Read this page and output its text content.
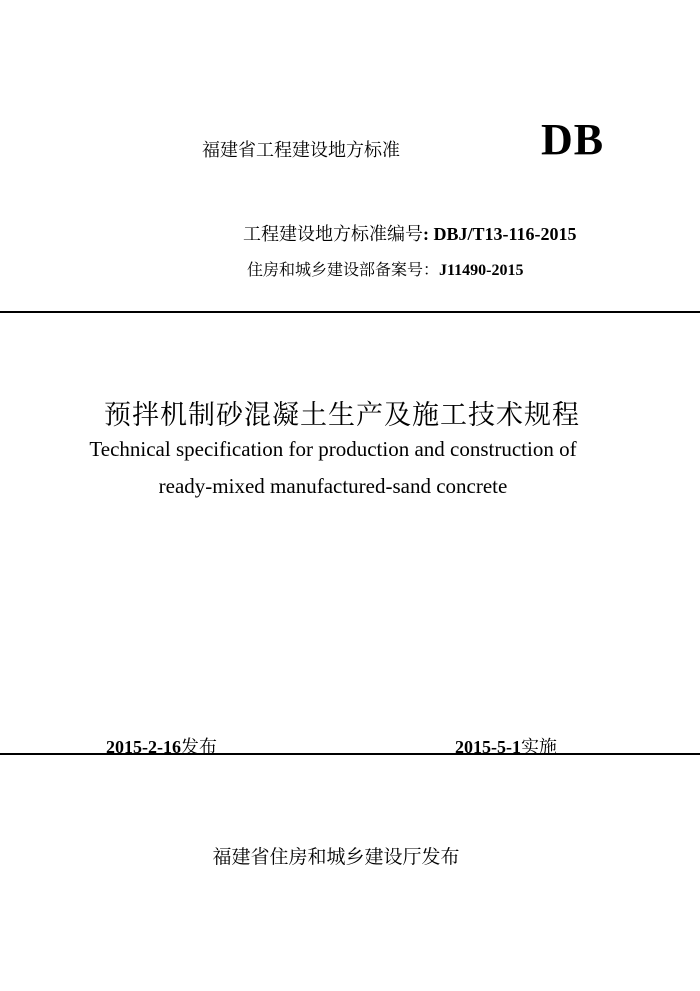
福建省工程建设地方标准	DB
工程建设地方标准编号: DBJ/T13-116-2015
住房和城乡建设部备案号：J11490-2015
预拌机制砂混凝土生产及施工技术规程
Technical specification for production and construction of
ready-mixed manufactured-sand concrete
2015-2-16发布	2015-5-1实施
福建省住房和城乡建设厅发布
